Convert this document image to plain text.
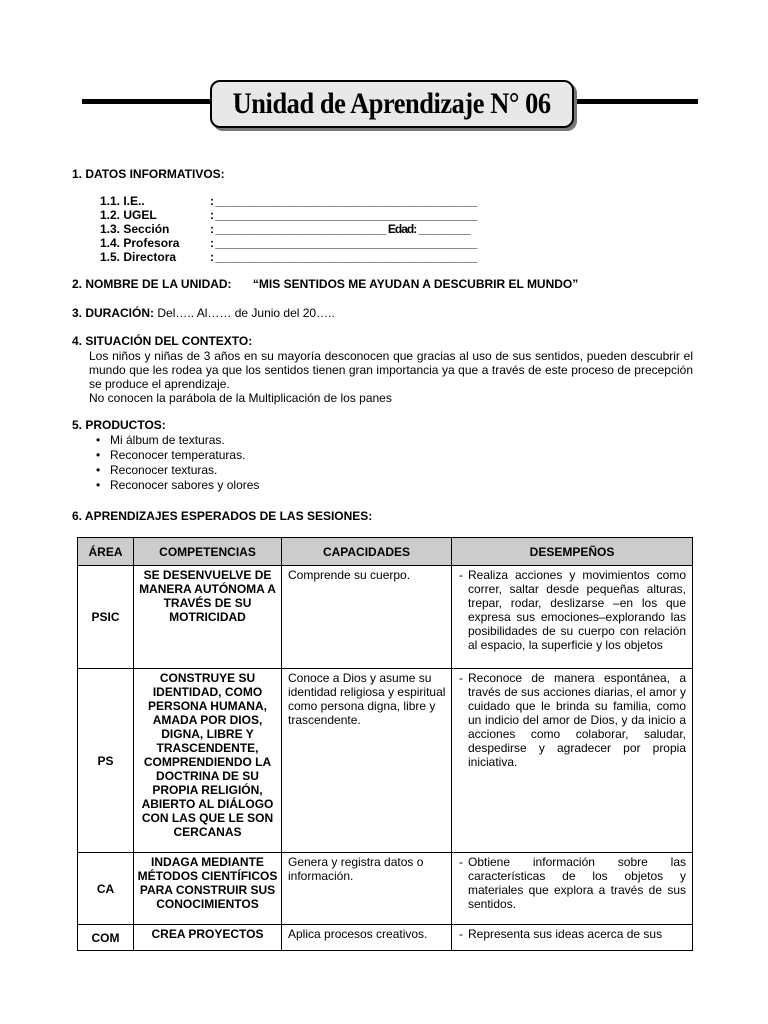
Unidad de Aprendizaje N° 06
1. DATOS INFORMATIVOS:
1.1. I.E..	: ______________________________________________
1.2. UGEL	: ______________________________________________
1.3. Sección	: ______________________________ Edad: _________
1.4. Profesora	: ______________________________________________
1.5. Directora	: ______________________________________________
2. NOMBRE DE LA UNIDAD: “MIS SENTIDOS ME AYUDAN A DESCUBRIR EL MUNDO”
3. DURACIÓN: Del….. Al…… de Junio del 20…..
4. SITUACIÓN DEL CONTEXTO:
Los niños y niñas de 3 años en su mayoría desconocen que gracias al uso de sus sentidos, pueden descubrir el mundo que les rodea ya que los sentidos tienen gran importancia ya que a través de este proceso de precepción se produce el aprendizaje.
No conocen la parábola de la Multiplicación de los panes
5. PRODUCTOS:
• Mi álbum de texturas.
• Reconocer temperaturas.
• Reconocer texturas.
• Reconocer sabores y olores
6. APRENDIZAJES ESPERADOS DE LAS SESIONES:
ÁREA	COMPETENCIAS	CAPACIDADES	DESEMPEÑOS
PSIC	SE DESENVUELVE DE MANERA AUTÓNOMA A TRAVÉS DE SU MOTRICIDAD	Comprende su cuerpo.	- Realiza acciones y movimientos como correr, saltar desde pequeñas alturas, trepar, rodar, deslizarse –en los que expresa sus emociones–explorando las posibilidades de su cuerpo con relación al espacio, la superficie y los objetos

PS	CONSTRUYE SU IDENTIDAD, COMO PERSONA HUMANA, AMADA POR DIOS, DIGNA, LIBRE Y TRASCENDENTE, COMPRENDIENDO LA DOCTRINA DE SU PROPIA RELIGIÓN, ABIERTO AL DIÁLOGO CON LAS QUE LE SON CERCANAS	Conoce a Dios y asume su identidad religiosa y espiritual como persona digna, libre y trascendente.	- Reconoce de manera espontánea, a través de sus acciones diarias, el amor y cuidado que le brinda su familia, como un indicio del amor de Dios, y da inicio a acciones como colaborar, saludar, despedirse y agradecer por propia iniciativa.

CA	INDAGA MEDIANTE MÉTODOS CIENTÍFICOS PARA CONSTRUIR SUS CONOCIMIENTOS	Genera y registra datos o información.	- Obtiene información sobre las características de los objetos y materiales que explora a través de sus sentidos.

COM	CREA PROYECTOS	Aplica procesos creativos.	- Representa sus ideas acerca de sus
